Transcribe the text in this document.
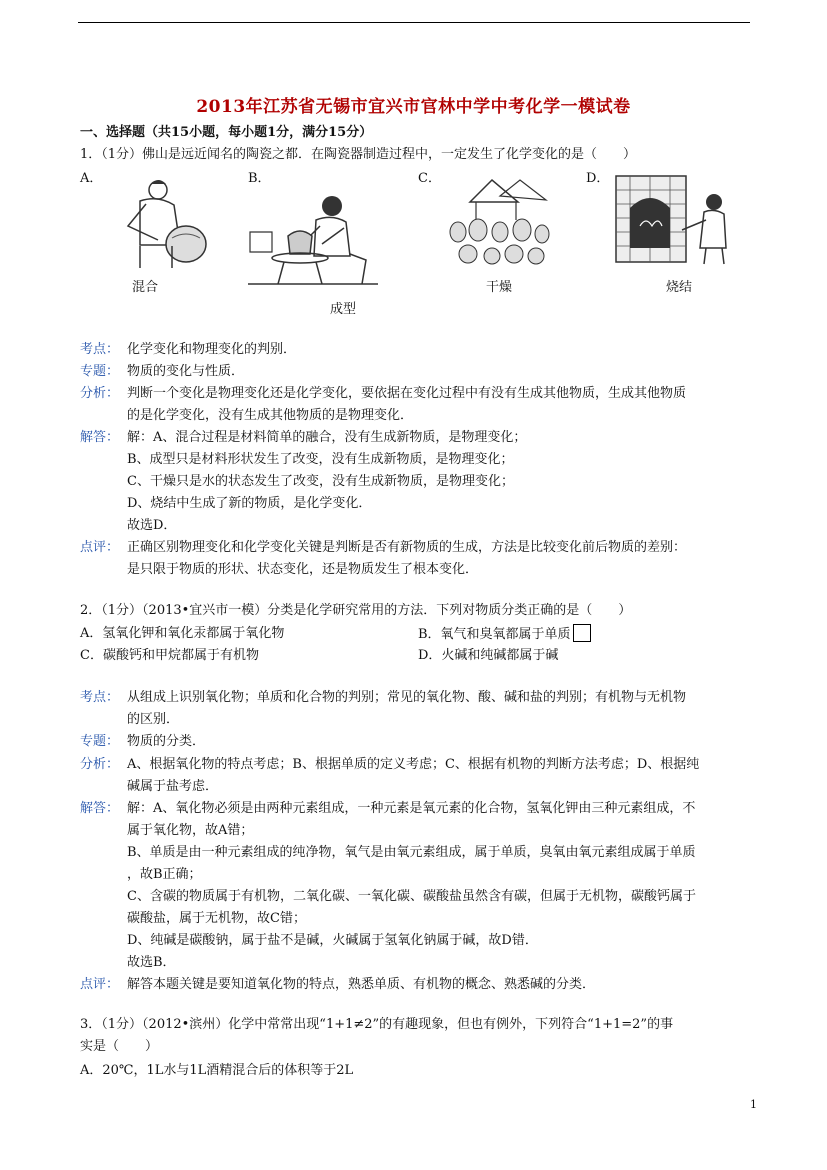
2013年江苏省无锡市宜兴市官林中学中考化学一模试卷
一、选择题（共15小题，每小题1分，满分15分）
1．（1分）佛山是远近闻名的陶瓷之都．在陶瓷器制造过程中，一定发生了化学变化的是（　　）
A．	B．	C．	D．
混合
成型
干燥	烧结
考点： 化学变化和物理变化的判别．
专题： 物质的变化与性质．
分析： 判断一个变化是物理变化还是化学变化，要依据在变化过程中有没有生成其他物质，生成其他物质
的是化学变化，没有生成其他物质的是物理变化．
解答： 解：A、混合过程是材料简单的融合，没有生成新物质，是物理变化；
B、成型只是材料形状发生了改变，没有生成新物质，是物理变化；
C、干燥只是水的状态发生了改变，没有生成新物质，是物理变化；
D、烧结中生成了新的物质，是化学变化．
故选D．
点评： 正确区别物理变化和化学变化关键是判断是否有新物质的生成，方法是比较变化前后物质的差别：
是只限于物质的形状、状态变化，还是物质发生了根本变化．
2．（1分）（2013•宜兴市一模）分类是化学研究常用的方法．下列对物质分类正确的是（　　）
A．氢氧化钾和氧化汞都属于氧化物	B．氧气和臭氧都属于单质
C．碳酸钙和甲烷都属于有机物	D．火碱和纯碱都属于碱
考点： 从组成上识别氧化物；单质和化合物的判别；常见的氧化物、酸、碱和盐的判别；有机物与无机物
的区别．
专题： 物质的分类．
分析： A、根据氧化物的特点考虑；B、根据单质的定义考虑；C、根据有机物的判断方法考虑；D、根据纯
碱属于盐考虑．
解答： 解：A、氧化物必须是由两种元素组成，一种元素是氧元素的化合物，氢氧化钾由三种元素组成，不
属于氧化物，故A错；
B、单质是由一种元素组成的纯净物，氧气是由氧元素组成，属于单质，臭氧由氧元素组成属于单质
，故B正确；
C、含碳的物质属于有机物，二氧化碳、一氧化碳、碳酸盐虽然含有碳，但属于无机物，碳酸钙属于
碳酸盐，属于无机物，故C错；
D、纯碱是碳酸钠，属于盐不是碱，火碱属于氢氧化钠属于碱，故D错．
故选B．
点评： 解答本题关键是要知道氧化物的特点，熟悉单质、有机物的概念、熟悉碱的分类．
3．（1分）（2012•滨州）化学中常常出现“1+1≠2”的有趣现象，但也有例外，下列符合“1+1=2”的事
实是（　　）
A．20℃，1L水与1L酒精混合后的体积等于2L
1
